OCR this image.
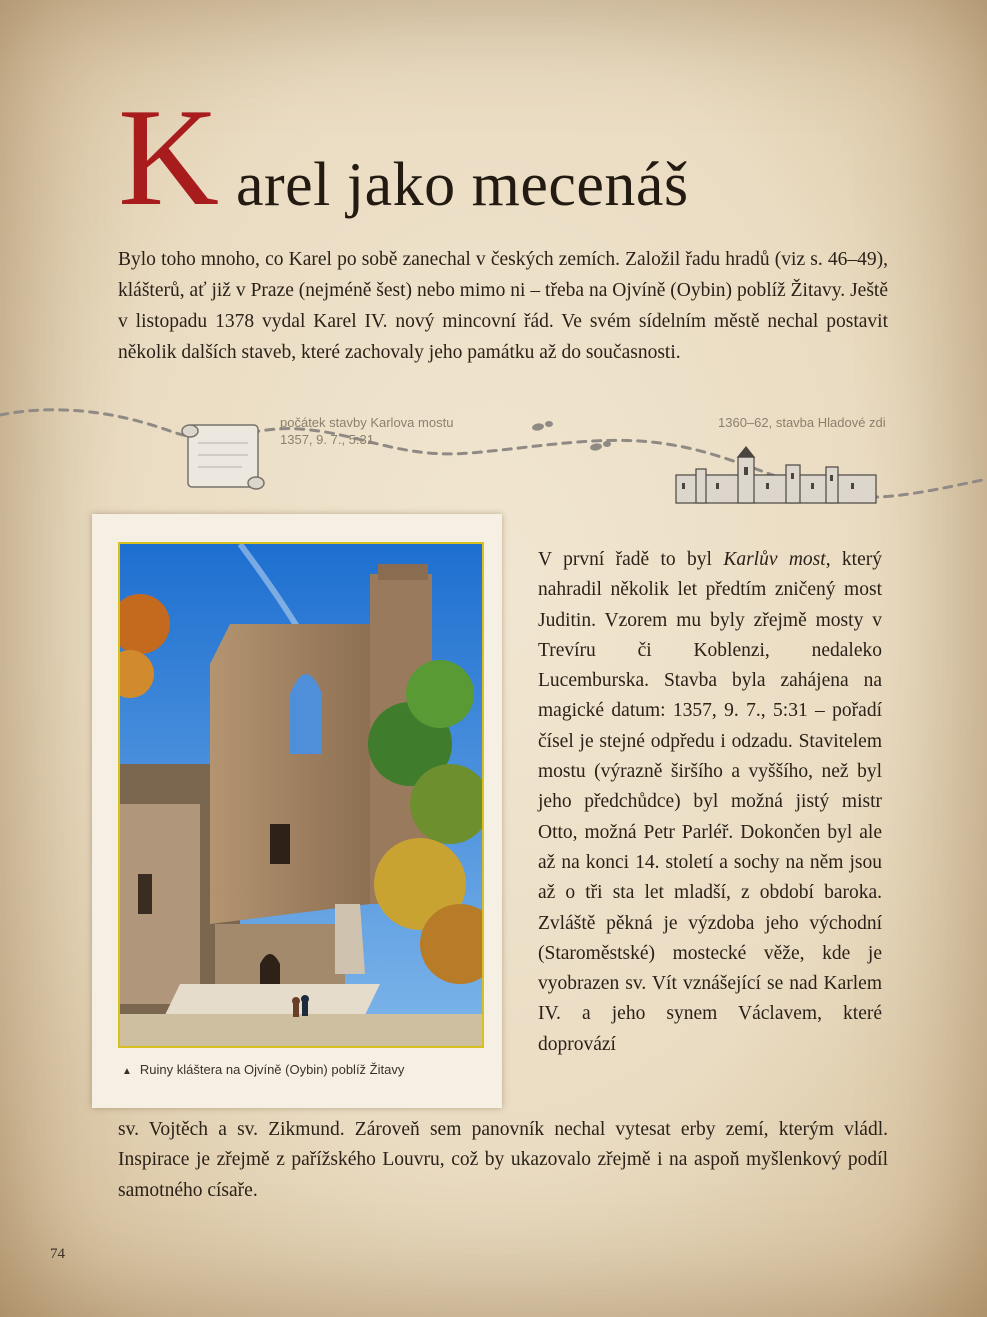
K arel jako mecenáš

Bylo toho mnoho, co Karel po sobě zanechal v českých zemích. Založil řadu hradů (viz s. 46–49), klášterů, ať již v Praze (nejméně šest) nebo mimo ni – třeba na Ojvíně (Oybin) poblíž Žitavy. Ještě v listopadu 1378 vydal Karel IV. nový mincovní řád. Ve svém sídelním městě nechal postavit několik dalších staveb, které zachovaly jeho památku až do současnosti.

počátek stavby Karlova mostu
1357, 9. 7., 5:31
1360–62, stavba Hladové zdi
▲ Ruiny kláštera na Ojvíně (Oybin) poblíž Žitavy

V první řadě to byl Karlův most, který nahradil několik let předtím zničený most Juditin. Vzorem mu byly zřejmě mosty v Trevíru či Koblenzi, nedaleko Lucemburska. Stavba byla zahájena na magické datum: 1357, 9. 7., 5:31 – pořadí čísel je stejné odpředu i odzadu. Stavitelem mostu (výrazně širšího a vyššího, než byl jeho předchůdce) byl možná jistý mistr Otto, možná Petr Parléř. Dokončen byl ale až na konci 14. století a sochy na něm jsou až o tři sta let mladší, z období baroka. Zvláště pěkná je výzdoba jeho východní (Staroměstské) mostecké věže, kde je vyobrazen sv. Vít vznášející se nad Karlem IV. a jeho synem Václavem, které doprovází

sv. Vojtěch a sv. Zikmund. Zároveň sem panovník nechal vytesat erby zemí, kterým vládl. Inspirace je zřejmě z pařížského Louvru, což by ukazovalo zřejmě i na aspoň myšlenkový podíl samotného císaře.

74
